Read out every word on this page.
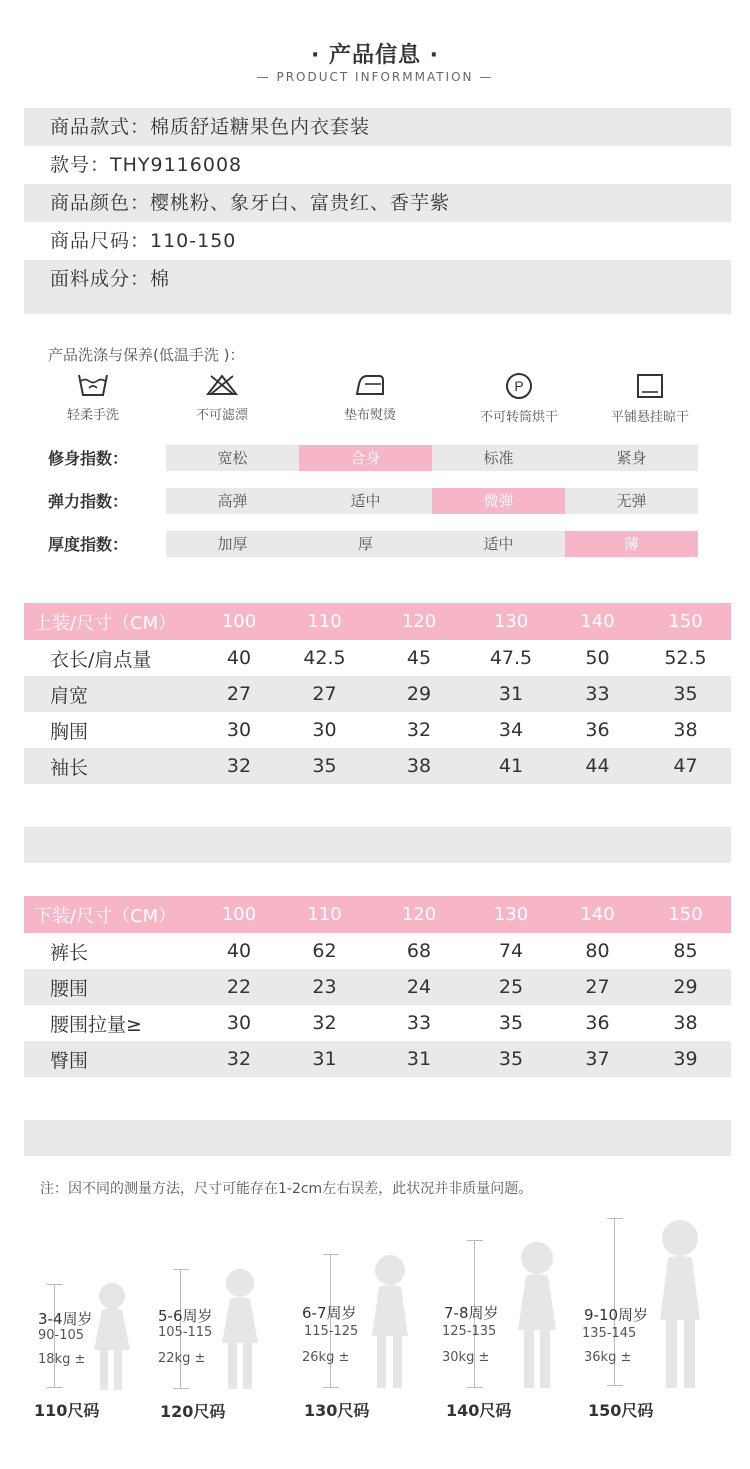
· 产品信息 ·
— PRODUCT INFORMMATION —
商品款式：棉质舒适糖果色内衣套装
款号：THY9116008
商品颜色：樱桃粉、象牙白、富贵红、香芋紫
商品尺码：110-150
面料成分：棉
产品洗涤与保养(低温手洗 )：
轻柔手洗	不可滤漂	垫布熨烫
P
不可转筒烘干	平铺悬挂晾干
修身指数：	宽松	合身	标准	紧身
弹力指数：	高弹	适中	微弹	无弹
厚度指数：	加厚	厚	适中	薄
上装/尺寸（CM）	100	110	120	130	140	150
衣长/肩点量	40	42.5	45	47.5	50	52.5
肩宽	27	27	29	31	33	35
胸围	30	30	32	34	36	38
袖长	32	35	38	41	44	47
下装/尺寸（CM）	100	110	120	130	140	150
裤长	40	62	68	74	80	85
腰围	22	23	24	25	27	29
腰围拉量≥	30	32	33	35	36	38
臀围	32	31	31	35	37	39
注：因不同的测量方法，尺寸可能存在1-2cm左右误差，此状况并非质量问题。
3-4周岁
90-105
18kg ±
110尺码
5-6周岁
105-115
22kg ±
120尺码
6-7周岁
115-125
26kg ±
130尺码
7-8周岁
125-135
30kg ±
140尺码
9-10周岁
135-145
36kg ±
150尺码
